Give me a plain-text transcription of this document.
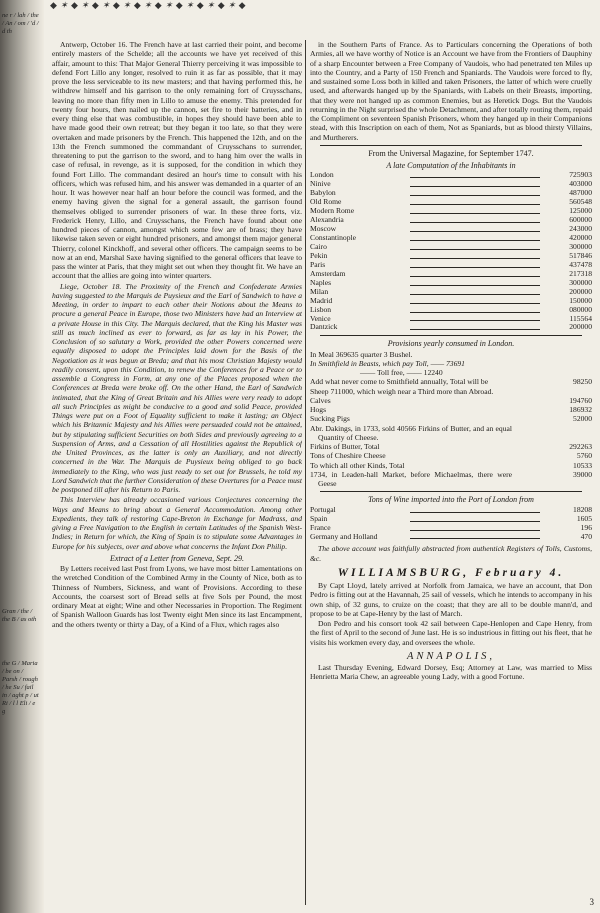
ne r / lah / the / An / om / 'd / d th
Gran / the / the B / as oth
the G / Maria / be on / Parsh / rough / he Su / fail in / aght p / ut Ri / l l Eli / e g
◆ ✶ ◆ ✶ ◆ ✶ ◆ ✶ ◆ ✶ ◆ ✶ ◆ ✶ ◆ ✶ ◆ ✶ ◆

Antwerp, October 16. The French have at last carried their point, and become entirely masters of the Schelde; all the accounts we have yet received of this affair, amount to this: That Major General Thierry perceiving it was impossible to defend Fort Lillo any longer, resolved to ruin it as far as possible, that it may prove the less serviceable to its new masters; and that having performed this, he withdrew himself and his garrison to the only remaining fort of Cruysschans, leaving no more than fifty men in Lillo to amuse the enemy. This pretended for twenty four hours, then nailed up the cannon, set fire to their batteries, and in every thing else that was combustible, in hopes they should have been able to have made good their own retreat; but they began it too late, so that they were overtaken and made prisoners by the French. This happened the 12th, and on the 13th the French summoned the commandant of Cruysschans to surrender, threatening to put the garrison to the sword, and to hang him over the walls in case of refusal, in revenge, as it is supposed, for the condition in which they found Fort Lillo. The commandant desired an hour's time to consult with his officers, which was refused him, and his answer was demanded in a quarter of an hour. It was however near half an hour before the council was formed, and the enemy having given the signal for a general assault, the garrison found themselves obliged to surrender prisoners of war. In these three forts, viz. Frederick Henry, Lillo, and Cruysschans, the French have found about one hundred pieces of cannon, amongst which some few are of brass; they have likewise taken seven or eight hundred prisoners, and amongst them major general Thierry, colonel Kinckhoff, and several other officers. The campaign seems to be now at an end, Marshal Saxe having signified to the general officers that leave to pass the winter at Paris, that they might set out when they thought fit. We have an account that the allies are going into winter quarters.

Liege, October 18. The Proximity of the French and Confederate Armies having suggested to the Marquis de Puysieux and the Earl of Sandwich to have a Meeting, in order to impart to each other their Notions about the Means to procure a general Peace in Europe, those two Ministers have had an Interview at a private House in this City. The Marquis declared, that the King his Master was still as much inclined as ever to forward, as far as lay in his Power, the Conclusion of so salutary a Work, provided the other Powers concerned were equally disposed to adopt the Principles laid down for the Basis of the Negotiation as it was begun at Breda; and that his most Christian Majesty would readily consent, upon this Condition, to renew the Conferences for a Peace or to assemble a Congress in Form, at any one of the Places proposed when the Conferences at Breda were broke off. On the other Hand, the Earl of Sandwich intimated, that the King of Great Britain and his Allies were very ready to adopt all such Principles as might be conducive to a good and solid Peace, provided Things were put on a Foot of Equality sufficient to make it lasting; an Object which his Britannic Majesty and his Allies were persuaded could not be attained, but by stipulating sufficient Securities on both Sides and previously agreeing to a Suspension of Arms, and a Cessation of all Hostilities against the Republick of the United Provinces, as the latter is only an Auxiliary, and not directly concerned in the War. The Marquis de Puysieux being obliged to go back immediately to the King, who was just ready to set out for Brussels, he told my Lord Sandwich that the further Consideration of these Overtures for a Peace must be postponed till after his Return to Paris.

This Interview has already occasioned various Conjectures concerning the Ways and Means to bring about a General Accommodation. Among other Expedients, they talk of restoring Cape-Breton in Exchange for Madrass, and giving a Free Navigation to the English in certain Latitudes of the Spanish West-Indies; in Return for which, the King of Spain is to stipulate some Advantages in Europe for his subjects, over and above what concerns the Infant Don Philip.

Extract of a Letter from Geneva, Sept. 29.

By Letters received last Post from Lyons, we have most bitter Lamentations on the wretched Condition of the Combined Army in the County of Nice, both as to Thinness of Numbers, Sickness, and want of Provisions. According to these Accounts, the coarsest sort of Bread sells at five Sols per Pound, the most ordinary Meat at eight; Wine and other Necessaries in Proportion. The Regiment of Spanish Walloon Guards has lost Twenty eight Men since its last Encampment, and the others twenty or thirty a Day, of a Kind of a Flux, which rages also

in the Southern Parts of France. As to Particulars concerning the Operations of both Armies, all we have worthy of Notice is an Account we have from the Frontiers of Dauphiny of a sharp Encounter between a Free Company of Vaudois, who had penetrated ten Miles up into the Country, and a Party of 150 French and Spaniards. The Vaudois were forced to fly, and sustained some Loss both in killed and taken Prisoners, the latter of which were cruelly used, and afterwards hanged up by the Spaniards, with Labels on their Breasts, importing, that they were not hanged up as common Enemies, but as Heretick Dogs. But the Vaudois returning in the Night surprised the whole Detachment, and after totally routing them, repaid the Compliment on seventeen Spanish Prisoners, whom they hanged up in their Companions stead, with this Inscription on each of them, Not as Spaniards, but as blood thirsty Villains, and Murtherers.

From the Universal Magazine, for September 1747.
A late Computation of the Inhabitants in
London		725903
Ninive		403000
Babylon		487000
Old Rome		560548
Modern Rome		125000
Alexandria		600000
Moscow		243000
Constantinople		420000
Cairo		300000
Pekin		517846
Paris		437478
Amsterdam		217318
Naples		300000
Milan		200000
Madrid		150000
Lisbon		080000
Venice		115564
Dantzick		200000
Provisions yearly consumed in London.
In Meal 369635 quarter 3 Bushel.
In Smithfield in Beasts, which pay Toll, —— 73691
—— Toll free, —— 12240
Add what never come to Smithfield annually, Total will be	98250
Sheep 711000, which weigh near a Third more than Abroad.
Calves	194760
Hogs	186932
Sucking Pigs	52000
Abr. Dakings, in 1733, sold 40566 Firkins of Butter, and an equal Quantity of Cheese.
Firkins of Butter, Total	292263
Tons of Cheshire Cheese	5760
To which all other Kinds, Total	10533
1734, in Leaden-hall Market, before Michaelmas, there were Geese
39000
Tons of Wine imported into the Port of London from
Portugal		18208
Spain		1605
France		196
Germany and Holland		470

The above account was faithfully abstracted from authentick Registers of Tolls, Customs, &c.

WILLIAMSBURG, February 4.

By Capt Lloyd, lately arrived at Norfolk from Jamaica, we have an account, that Don Pedro is fitting out at the Havannah, 25 sail of vessels, which he intends to accompany in his own ship, of 32 guns, to cruize on the coast; that they are all to be double mann'd, and propose to be at Cape-Henry by the last of March.

Don Pedro and his consort took 42 sail between Cape-Henlopen and Cape Henry, from the first of April to the second of June last. He is so industrious in fitting out his fleet, that he visits his workmen every day, and oversees the whole.

ANNAPOLIS,

Last Thursday Evening, Edward Dorsey, Esq; Attorney at Law, was married to Miss Henrietta Maria Chew, an agreeable young Lady, with a good Fortune.

3
